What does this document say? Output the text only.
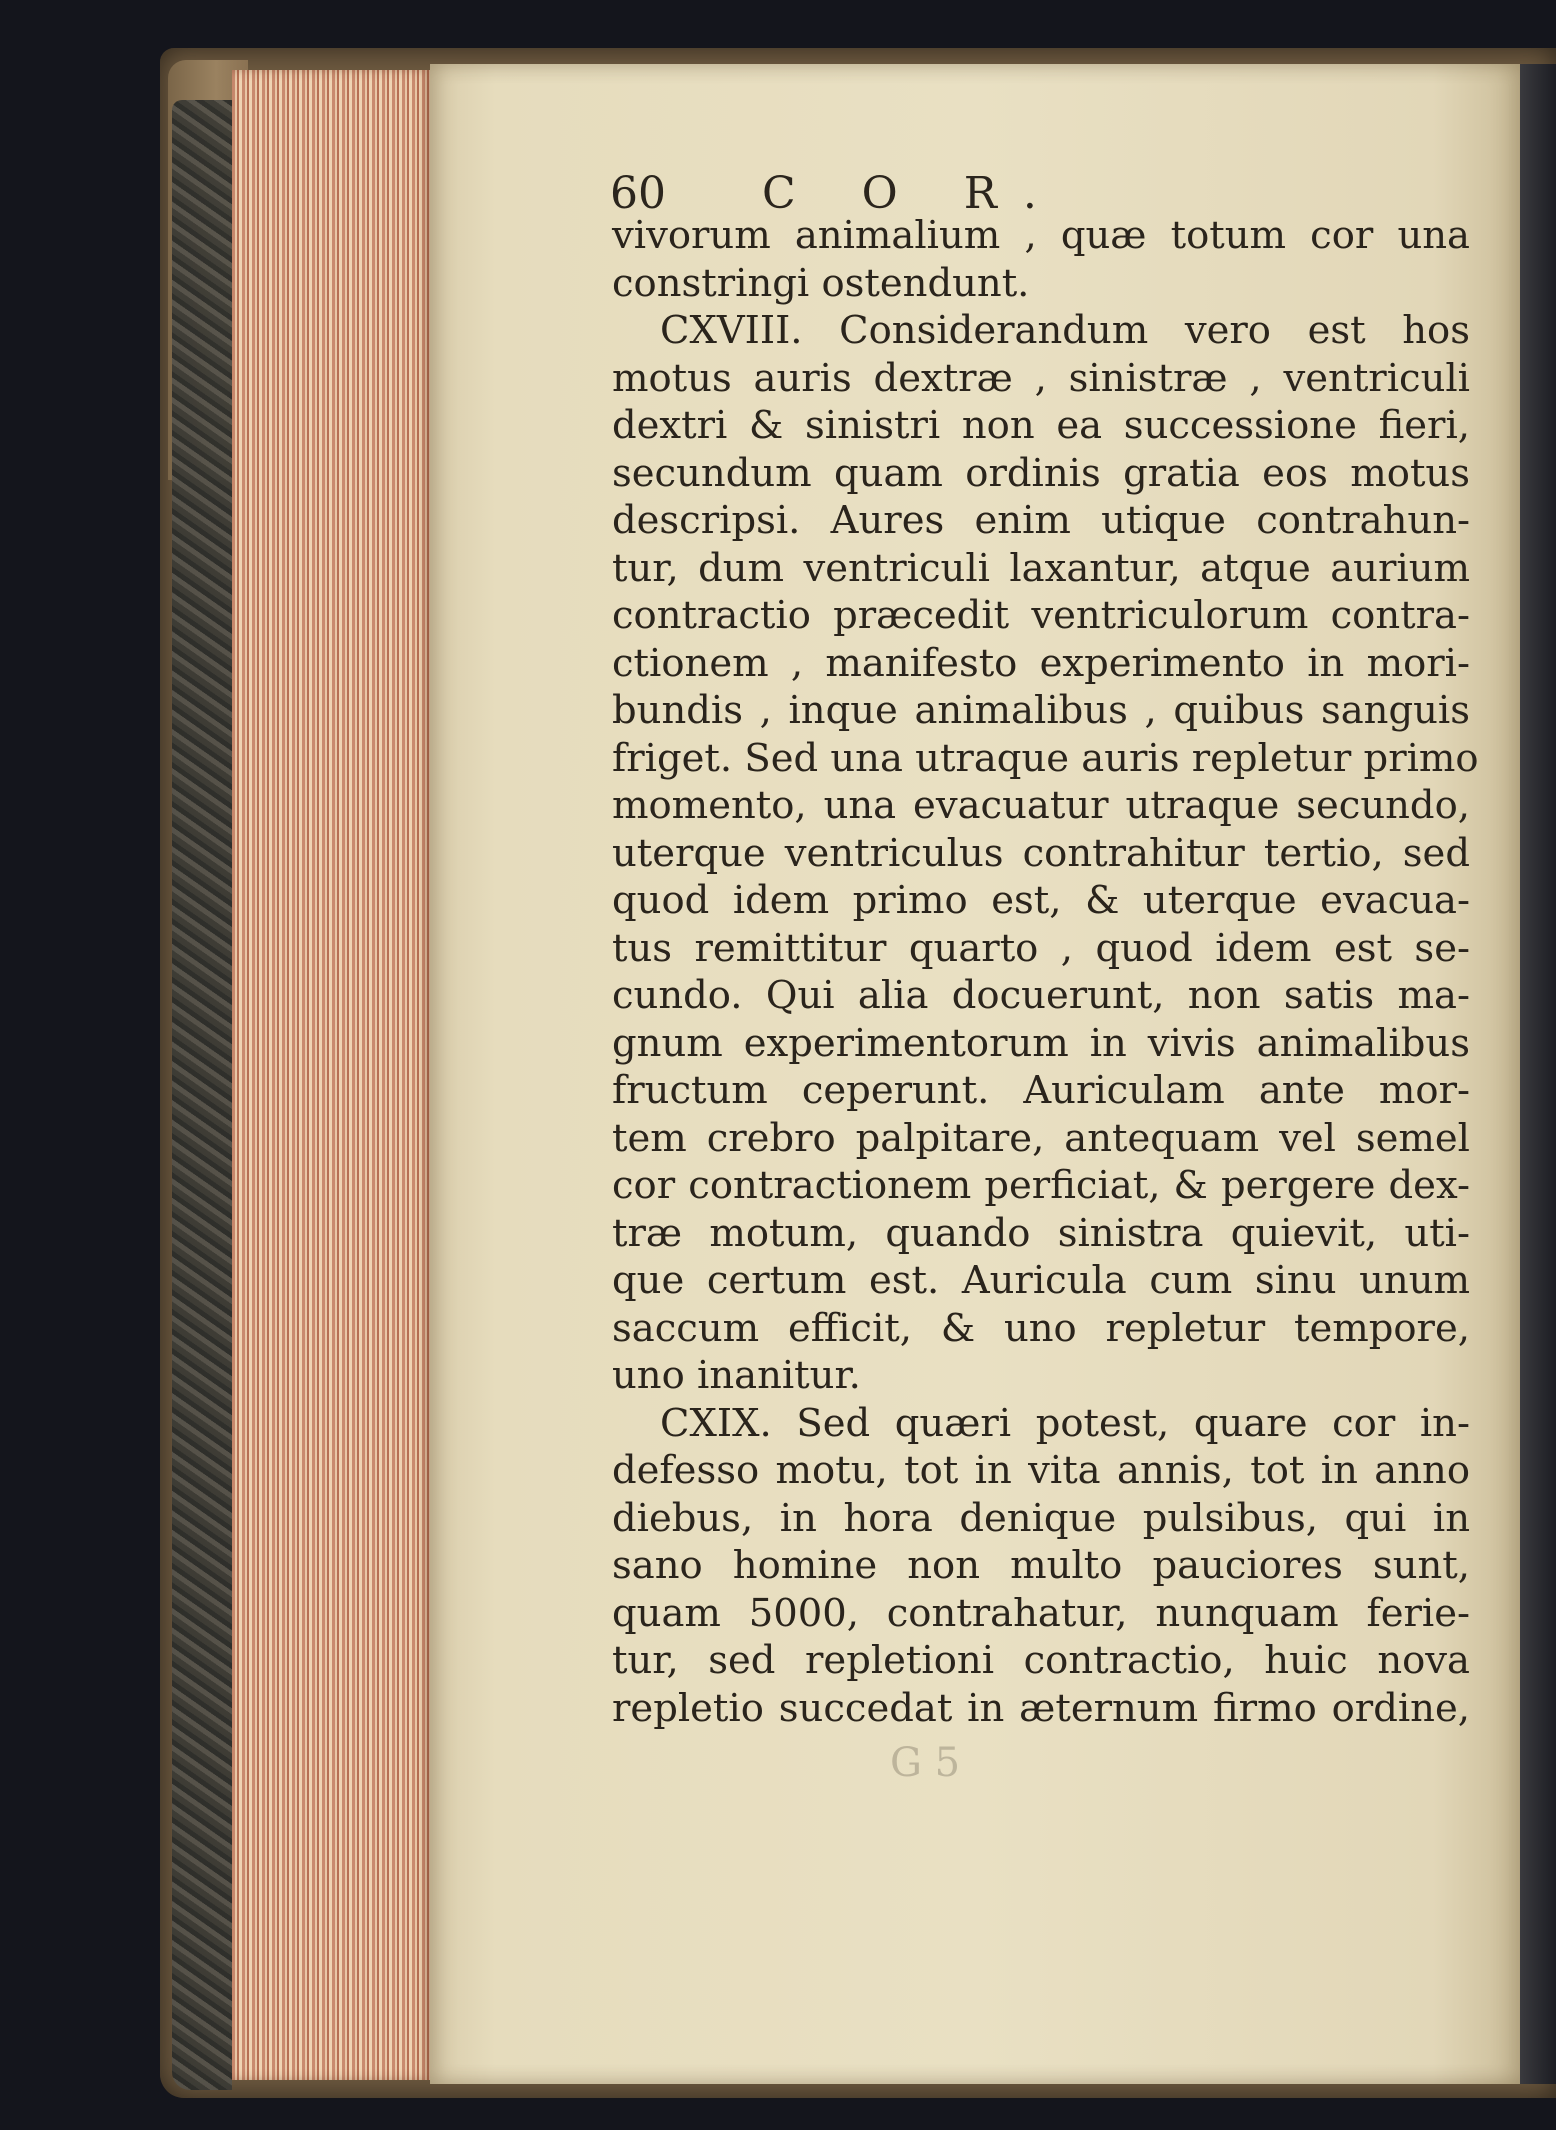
60 C O R.
vivorum animalium , quæ totum cor una
constringi ostendunt.
CXVIII. Considerandum vero est hos
motus auris dextræ , sinistræ , ventriculi
dextri & sinistri non ea successione fieri,
secundum quam ordinis gratia eos motus
descripsi. Aures enim utique contrahun-
tur, dum ventriculi laxantur, atque aurium
contractio præcedit ventriculorum contra-
ctionem , manifesto experimento in mori-
bundis , inque animalibus , quibus sanguis
friget. Sed una utraque auris repletur primo
momento, una evacuatur utraque secundo,
uterque ventriculus contrahitur tertio, sed
quod idem primo est, & uterque evacua-
tus remittitur quarto , quod idem est se-
cundo. Qui alia docuerunt, non satis ma-
gnum experimentorum in vivis animalibus
fructum ceperunt. Auriculam ante mor-
tem crebro palpitare, antequam vel semel
cor contractionem perficiat, & pergere dex-
træ motum, quando sinistra quievit, uti-
que certum est. Auricula cum sinu unum
saccum efficit, & uno repletur tempore,
uno inanitur.
CXIX. Sed quæri potest, quare cor in-
defesso motu, tot in vita annis, tot in anno
diebus, in hora denique pulsibus, qui in
sano homine non multo pauciores sunt,
quam 5000, contrahatur, nunquam ferie-
tur, sed repletioni contractio, huic nova
repletio succedat in æternum firmo ordine,
G 5
